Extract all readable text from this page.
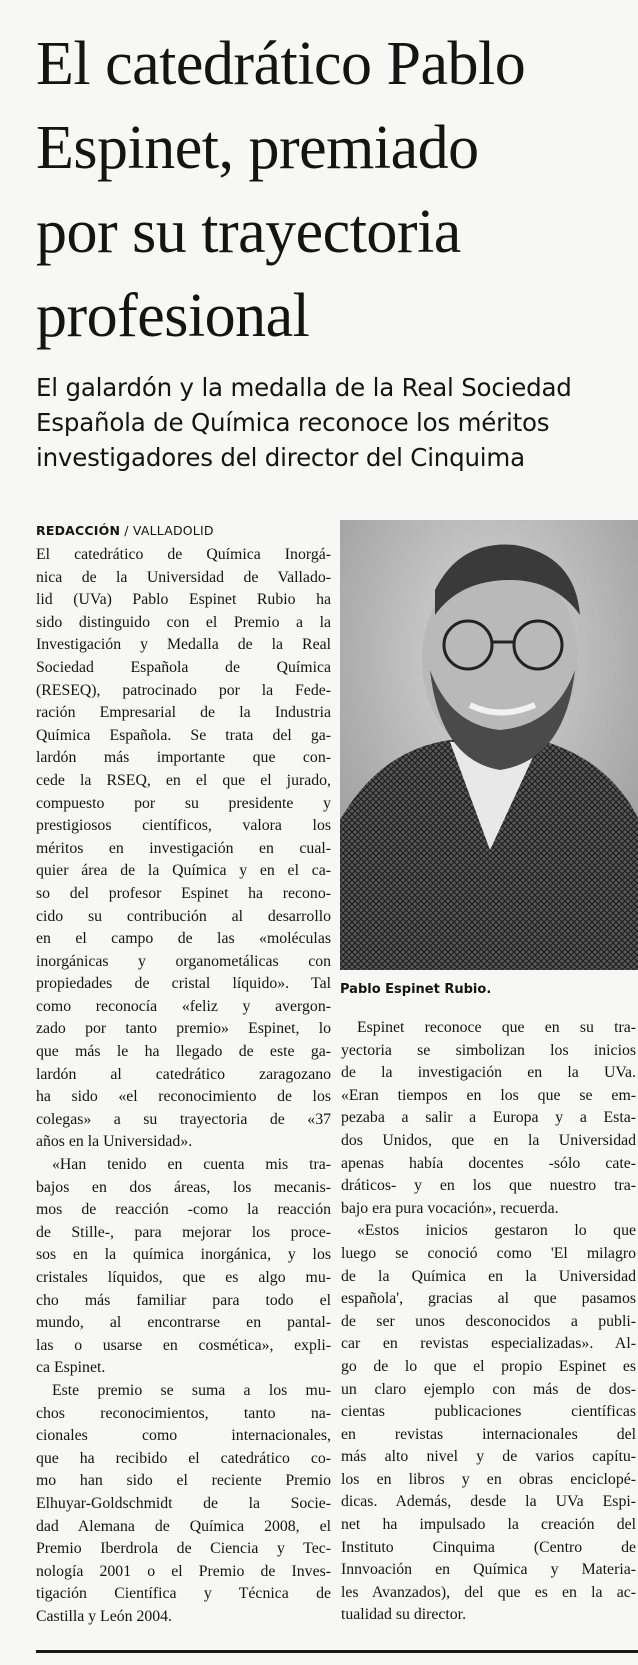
El catedrático Pablo
Espinet, premiado
por su trayectoria
profesional
El galardón y la medalla de la Real Sociedad
Española de Química reconoce los méritos
investigadores del director del Cinquima
REDACCIÓN / VALLADOLID
El catedrático de Química Inorgá-
nica de la Universidad de Vallado-
lid (UVa) Pablo Espinet Rubio ha
sido distinguido con el Premio a la
Investigación y Medalla de la Real
Sociedad Española de Química
(RESEQ), patrocinado por la Fede-
ración Empresarial de la Industria
Química Española. Se trata del ga-
lardón más importante que con-
cede la RSEQ, en el que el jurado,
compuesto por su presidente y
prestigiosos científicos, valora los
méritos en investigación en cual-
quier área de la Química y en el ca-
so del profesor Espinet ha recono-
cido su contribución al desarrollo
en el campo de las «moléculas
inorgánicas y organometálicas con
propiedades de cristal líquido». Tal
como reconocía «feliz y avergon-
zado por tanto premio» Espinet, lo
que más le ha llegado de este ga-
lardón al catedrático zaragozano
ha sido «el reconocimiento de los
colegas» a su trayectoria de «37
años en la Universidad».
«Han tenido en cuenta mis tra-
bajos en dos áreas, los mecanis-
mos de reacción -como la reacción
de Stille-, para mejorar los proce-
sos en la química inorgánica, y los
cristales líquidos, que es algo mu-
cho más familiar para todo el
mundo, al encontrarse en pantal-
las o usarse en cosmética», expli-
ca Espinet.
Este premio se suma a los mu-
chos reconocimientos, tanto na-
cionales como internacionales,
que ha recibido el catedrático co-
mo han sido el reciente Premio
Elhuyar-Goldschmidt de la Socie-
dad Alemana de Química 2008, el
Premio Iberdrola de Ciencia y Tec-
nología 2001 o el Premio de Inves-
tigación Científica y Técnica de
Castilla y León 2004.
Pablo Espinet Rubio.
Espinet reconoce que en su tra-
yectoria se simbolizan los inicios
de la investigación en la UVa.
«Eran tiempos en los que se em-
pezaba a salir a Europa y a Esta-
dos Unidos, que en la Universidad
apenas había docentes -sólo cate-
dráticos- y en los que nuestro tra-
bajo era pura vocación», recuerda.
«Estos inicios gestaron lo que
luego se conoció como 'El milagro
de la Química en la Universidad
española', gracias al que pasamos
de ser unos desconocidos a publi-
car en revistas especializadas». Al-
go de lo que el propio Espinet es
un claro ejemplo con más de dos-
cientas publicaciones científicas
en revistas internacionales del
más alto nivel y de varios capítu-
los en libros y en obras enciclopé-
dicas. Además, desde la UVa Espi-
net ha impulsado la creación del
Instituto Cinquima (Centro de
Innvoación en Química y Materia-
les Avanzados), del que es en la ac-
tualidad su director.
